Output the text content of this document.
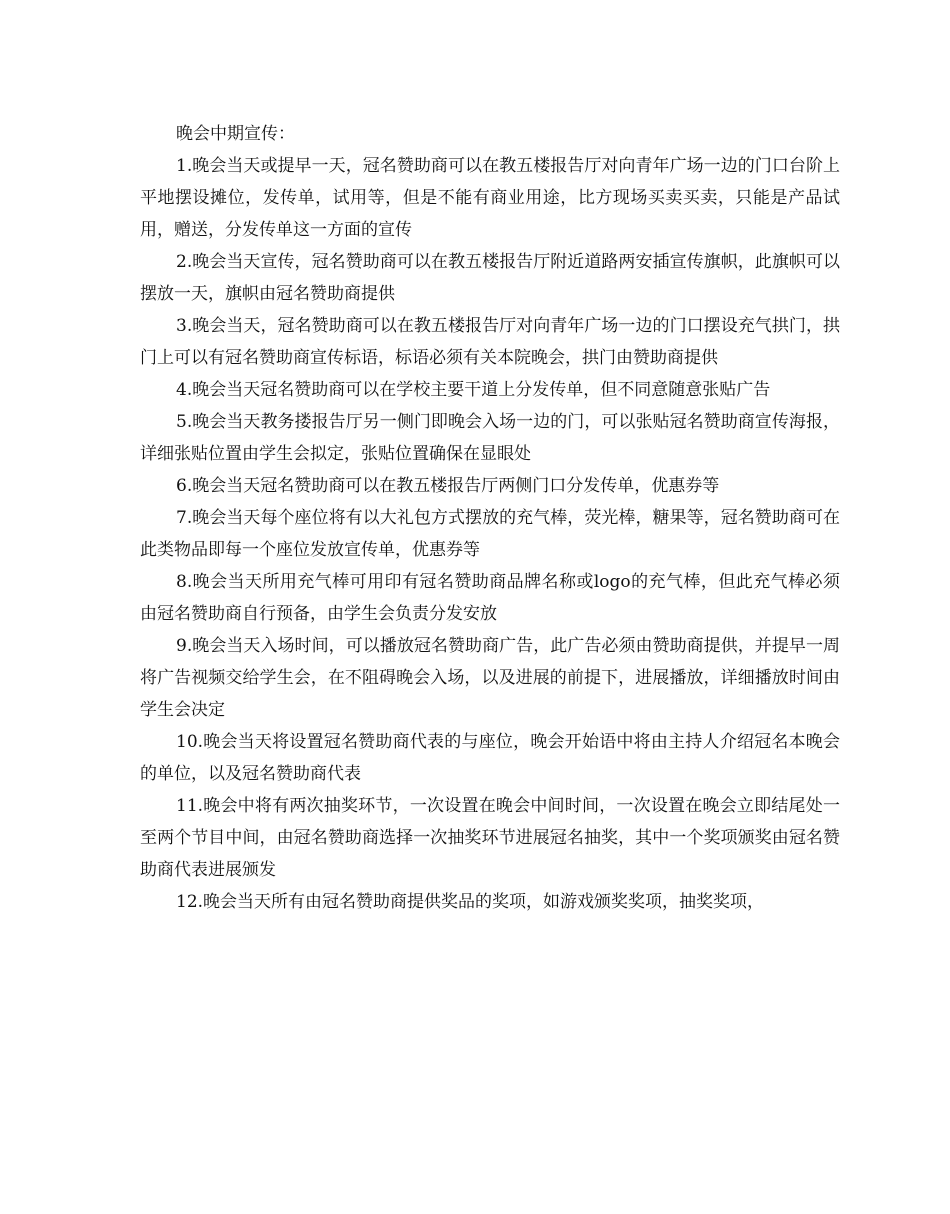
晚会中期宣传：

1.晚会当天或提早一天，冠名赞助商可以在教五楼报告厅对向青年广场一边的门口台阶上平地摆设摊位，发传单，试用等，但是不能有商业用途，比方现场买卖买卖，只能是产品试用，赠送，分发传单这一方面的宣传

2.晚会当天宣传，冠名赞助商可以在教五楼报告厅附近道路两安插宣传旗帜，此旗帜可以摆放一天，旗帜由冠名赞助商提供

3.晚会当天，冠名赞助商可以在教五楼报告厅对向青年广场一边的门口摆设充气拱门，拱门上可以有冠名赞助商宣传标语，标语必须有关本院晚会，拱门由赞助商提供

4.晚会当天冠名赞助商可以在学校主要干道上分发传单，但不同意随意张贴广告

5.晚会当天教务搂报告厅另一侧门即晚会入场一边的门，可以张贴冠名赞助商宣传海报，详细张贴位置由学生会拟定，张贴位置确保在显眼处

6.晚会当天冠名赞助商可以在教五楼报告厅两侧门口分发传单，优惠券等

7.晚会当天每个座位将有以大礼包方式摆放的充气棒，荧光棒，糖果等，冠名赞助商可在此类物品即每一个座位发放宣传单，优惠券等

8.晚会当天所用充气棒可用印有冠名赞助商品牌名称或logo的充气棒，但此充气棒必须由冠名赞助商自行预备，由学生会负责分发安放

9.晚会当天入场时间，可以播放冠名赞助商广告，此广告必须由赞助商提供，并提早一周将广告视频交给学生会，在不阻碍晚会入场，以及进展的前提下，进展播放，详细播放时间由学生会决定

10.晚会当天将设置冠名赞助商代表的与座位，晚会开始语中将由主持人介绍冠名本晚会的单位，以及冠名赞助商代表

11.晚会中将有两次抽奖环节，一次设置在晚会中间时间，一次设置在晚会立即结尾处一至两个节目中间，由冠名赞助商选择一次抽奖环节进展冠名抽奖，其中一个奖项颁奖由冠名赞助商代表进展颁发

12.晚会当天所有由冠名赞助商提供奖品的奖项，如游戏颁奖奖项，抽奖奖项，
